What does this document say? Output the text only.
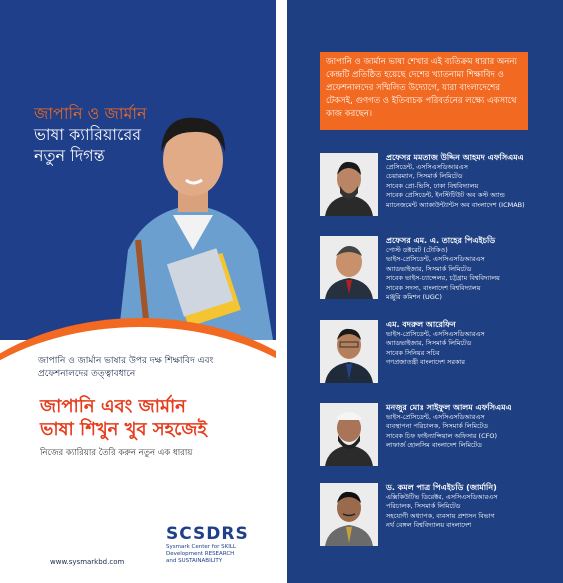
জাপানি ও জার্মান
ভাষা ক্যারিয়ারের
নতুন দিগন্ত
জাপানি ও জার্মান ভাষার উপর দক্ষ শিক্ষাবিদ এবং প্রফেশনালদের তত্ত্বাবধানে
জাপানি এবং জার্মান
ভাষা শিখুন খুব সহজেই
নিজের ক্যারিয়ার তৈরি করুন নতুন এক ধারায়
SCSDRS
Sysmark Center for SKILL
Development RESEARCH
and SUSTAINABILITY
www.sysmarkbd.com
জাপানি ও জার্মান ভাষা শেখার এই ব্যতিক্রম ধারার অনন্য কেন্দ্রটি প্রতিষ্ঠিত হয়েছে দেশের খ্যাতনামা শিক্ষাবিদ ও প্রফেশনালদের সম্মিলিত উদ্যোগে, যারা বাংলাদেশের টেকসই, গুণগত ও ইতিবাচক পরিবর্তনের লক্ষ্যে একসাথে কাজ করছেন।
প্রফেসর মমতাজ উদ্দিন আহমদ এফসিএমএ
প্রেসিডেন্ট, এসসিএসডিআরএস
চেয়ারম্যান, সিসমার্ক লিমিটেড
সাবেক প্রো-ভিসি, ঢাকা বিশ্ববিদ্যালয়
সাবেক প্রেসিডেন্ট, ইনস্টিটিউট অব কস্ট অ্যান্ড
ম্যানেজমেন্ট অ্যাকাউন্ট্যান্টস অব বাংলাদেশ (ICMAB)
প্রফেসর এম. এ. তাহের পিএইচডি
পোস্ট ডক্টরেট (টোকিও)
ভাইস-প্রেসিডেন্ট, এসসিএসডিআরএস
অ্যাডভাইজার, সিসমার্ক লিমিটেড
সাবেক ভাইস-চ্যান্সেলর, চট্টগ্রাম বিশ্ববিদ্যালয়
সাবেক সদস্য, বাংলাদেশ বিশ্ববিদ্যালয়
মঞ্জুরি কমিশন (UGC)
এম. বদরুল আরেফিন
ভাইস-প্রেসিডেন্ট, এসসিএসডিআরএস
অ্যাডভাইজার, সিসমার্ক লিমিটেড
সাবেক সিনিয়র সচিব
গণপ্রজাতন্ত্রী বাংলাদেশ সরকার
মনজুর মোঃ সাইফুল আলম এফসিএমএ
ভাইস-প্রেসিডেন্ট, এসসিএসডিআরএস
ব্যবস্থাপনা পরিচালক, সিসমার্ক লিমিটেড
সাবেক চিফ ফাইন্যান্সিয়াল অফিসার (CFO)
লাফার্জ হোলসিম বাংলাদেশ লিমিটেড
ড. কমল পাত্র পিএইচডি (জার্মানি)
এক্সিকিউটিভ ডিরেক্টর, এসসিএসডিআরএস
পরিচালক, সিসমার্ক লিমিটেড
সহযোগী অধ্যাপক, ব্যবসায় প্রশাসন বিভাগ
নর্থ বেঙ্গল বিশ্ববিদ্যালয় বাংলাদেশ
